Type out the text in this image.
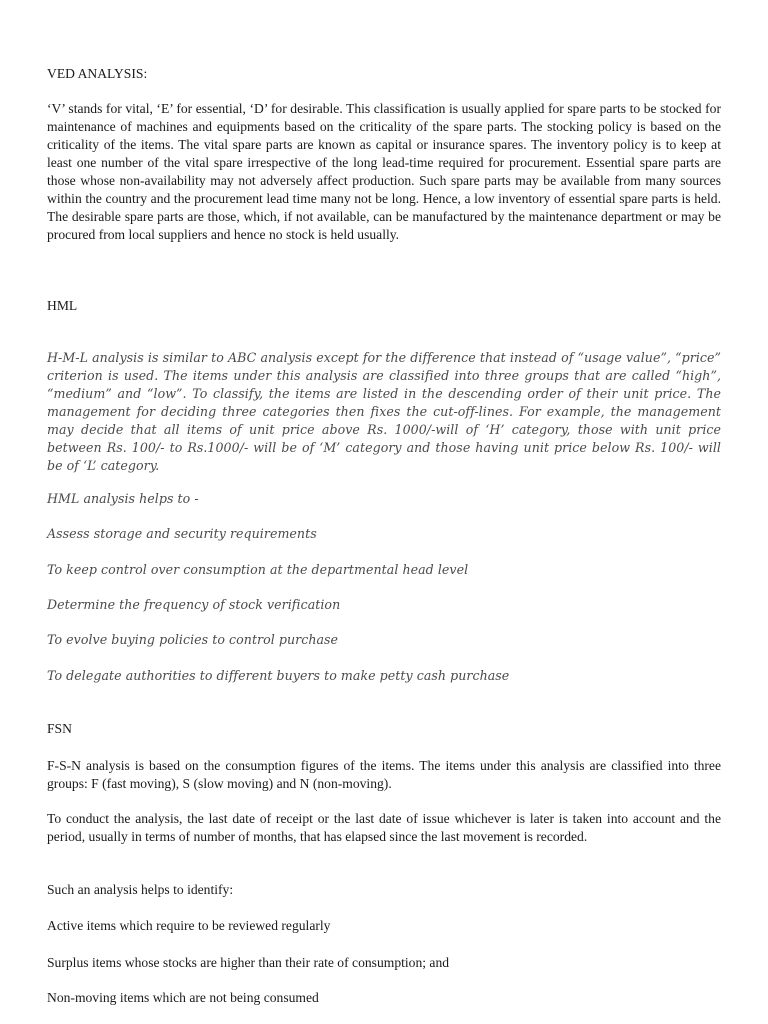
VED ANALYSIS:

‘V’ stands for vital, ‘E’ for essential, ‘D’ for desirable. This classification is usually applied for spare parts to be stocked for maintenance of machines and equipments based on the criticality of the spare parts. The stocking policy is based on the criticality of the items. The vital spare parts are known as capital or insurance spares. The inventory policy is to keep at least one number of the vital spare irrespective of the long lead-time required for procurement. Essential spare parts are those whose non-availability may not adversely affect production. Such spare parts may be available from many sources within the country and the procurement lead time many not be long. Hence, a low inventory of essential spare parts is held. The desirable spare parts are those, which, if not available, can be manufactured by the maintenance department or may be procured from local suppliers and hence no stock is held usually.

HML

H-M-L analysis is similar to ABC analysis except for the difference that instead of “usage value”, “price” criterion is used. The items under this analysis are classified into three groups that are called “high”, “medium” and “low”. To classify, the items are listed in the descending order of their unit price. The management for deciding three categories then fixes the cut-off-lines. For example, the management may decide that all items of unit price above Rs. 1000/-will of ‘H’ category, those with unit price between Rs. 100/- to Rs.1000/- will be of ‘M’ category and those having unit price below Rs. 100/- will be of ‘L’ category.

HML analysis helps to -

Assess storage and security requirements

To keep control over consumption at the departmental head level

Determine the frequency of stock verification

To evolve buying policies to control purchase

To delegate authorities to different buyers to make petty cash purchase

FSN

F-S-N analysis is based on the consumption figures of the items. The items under this analysis are classified into three groups: F (fast moving), S (slow moving) and N (non-moving).

To conduct the analysis, the last date of receipt or the last date of issue whichever is later is taken into account and the period, usually in terms of number of months, that has elapsed since the last movement is recorded.

Such an analysis helps to identify:

Active items which require to be reviewed regularly

Surplus items whose stocks are higher than their rate of consumption; and

Non-moving items which are not being consumed
